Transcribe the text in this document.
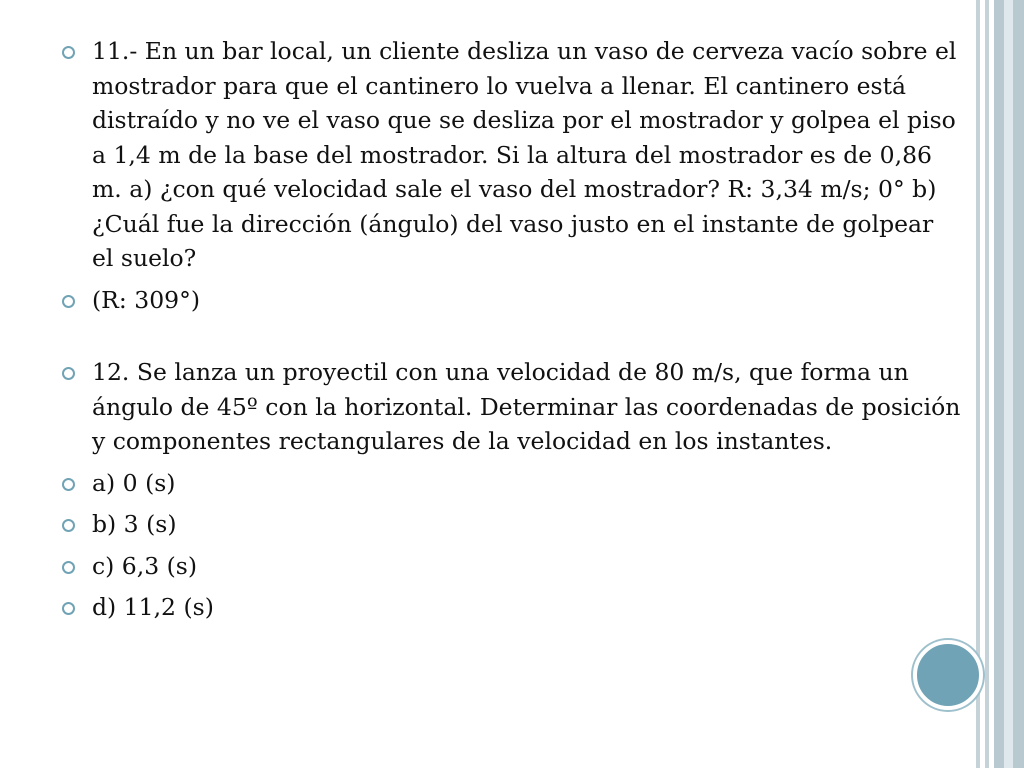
11.- En un bar local, un cliente desliza un vaso de cerveza vacío sobre el mostrador para que el cantinero lo vuelva a llenar. El cantinero está distraído y no ve el vaso que se desliza por el mostrador y golpea el piso a 1,4 m de la base del mostrador. Si la altura del mostrador es de 0,86 m. a) ¿con qué velocidad sale el vaso del mostrador? R: 3,34 m/s; 0° b) ¿Cuál fue la dirección (ángulo) del vaso justo en el instante de golpear el suelo?
(R: 309°)
12. Se lanza un proyectil con una velocidad de 80 m/s, que forma un ángulo de 45º con la horizontal. Determinar las coordenadas de posición y componentes rectangulares de la velocidad en los instantes.
a) 0 (s)
b) 3 (s)
c) 6,3 (s)
d) 11,2 (s)
